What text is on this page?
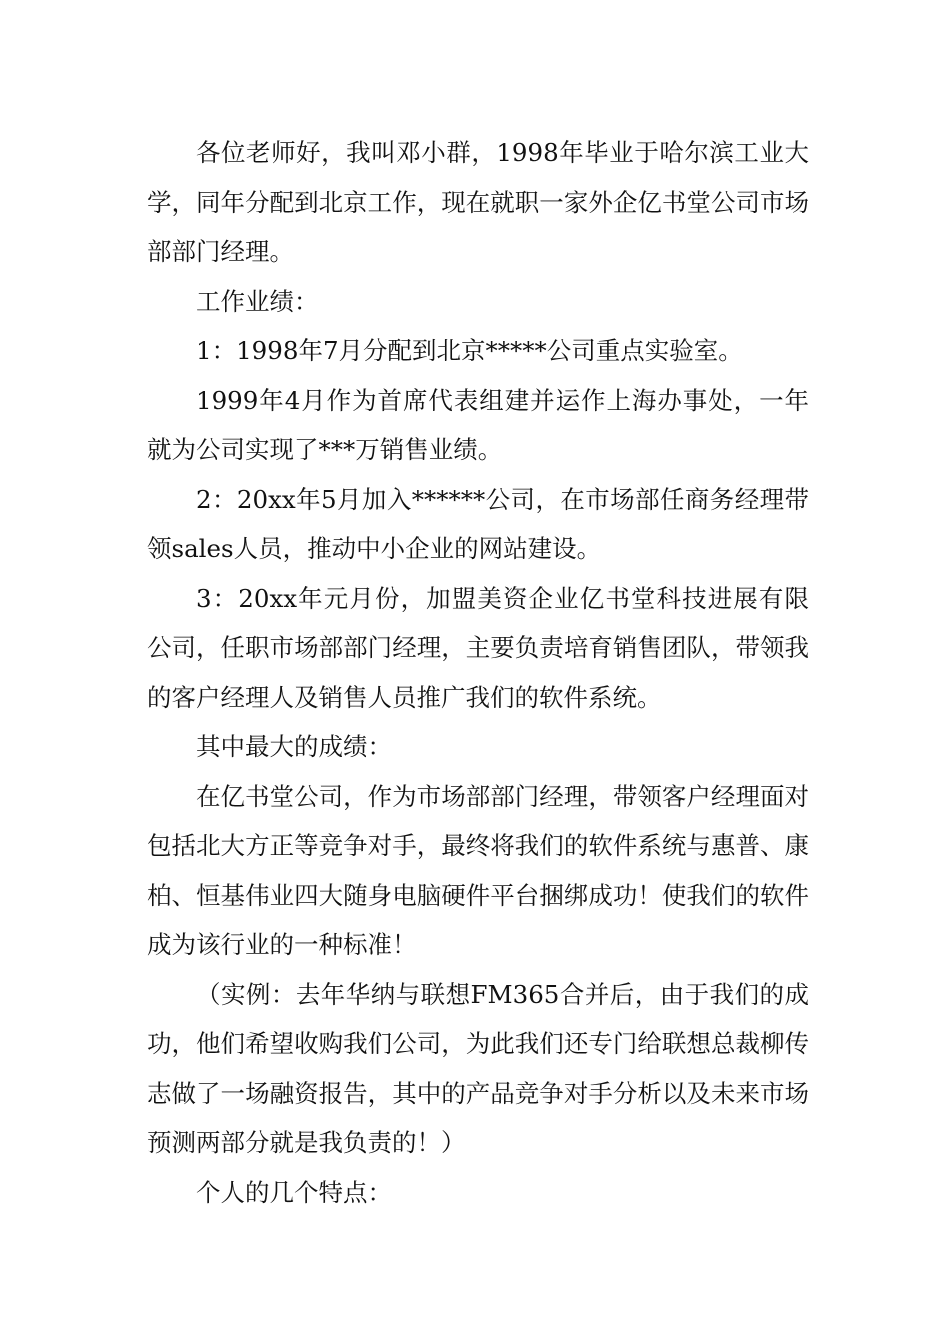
各位老师好，我叫邓小群，1998年毕业于哈尔滨工业大学，同年分配到北京工作，现在就职一家外企亿书堂公司市场部部门经理。

工作业绩：

1：1998年7月分配到北京*****公司重点实验室。

1999年4月作为首席代表组建并运作上海办事处，一年就为公司实现了***万销售业绩。

2：20xx年5月加入******公司，在市场部任商务经理带领sales人员，推动中小企业的网站建设。

3：20xx年元月份，加盟美资企业亿书堂科技进展有限公司，任职市场部部门经理，主要负责培育销售团队，带领我的客户经理人及销售人员推广我们的软件系统。

其中最大的成绩：

在亿书堂公司，作为市场部部门经理，带领客户经理面对包括北大方正等竞争对手，最终将我们的软件系统与惠普、康柏、恒基伟业四大随身电脑硬件平台捆绑成功！使我们的软件成为该行业的一种标准！

（实例：去年华纳与联想FM365合并后，由于我们的成功，他们希望收购我们公司，为此我们还专门给联想总裁柳传志做了一场融资报告，其中的产品竞争对手分析以及未来市场预测两部分就是我负责的！）

个人的几个特点：
